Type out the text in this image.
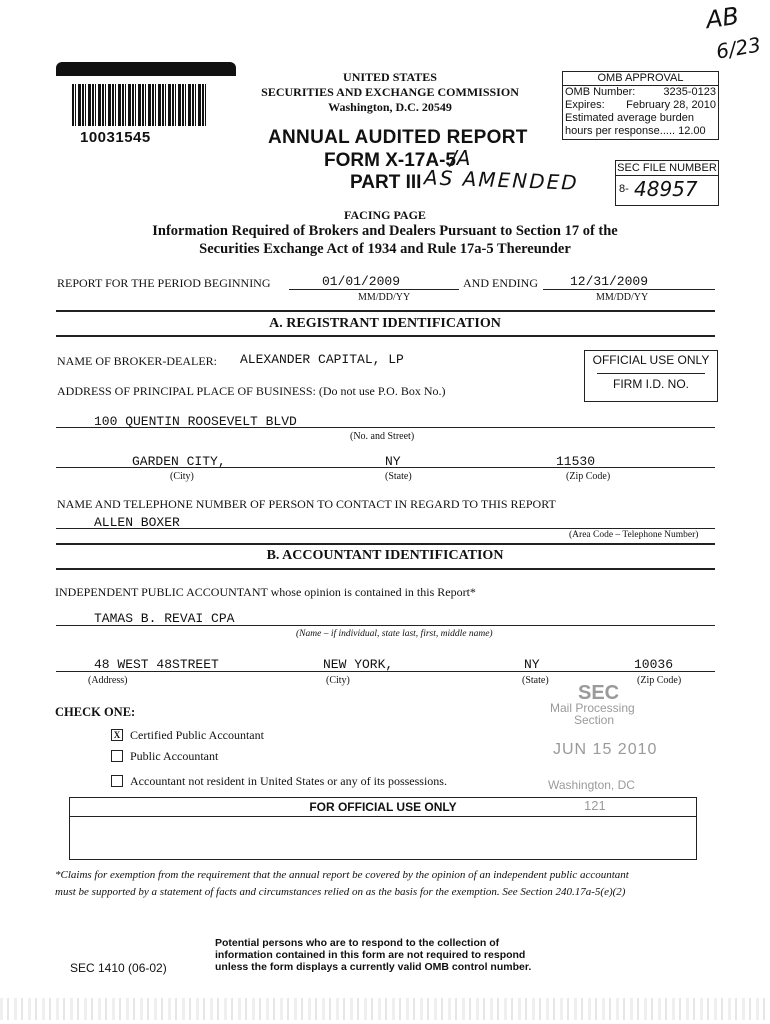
AB
6/23
10031545
UNITED STATES
SECURITIES AND EXCHANGE COMMISSION
Washington, D.C. 20549
OMB APPROVAL
OMB Number:	3235-0123
Expires: February 28, 2010
Estimated average burden
hours per response..... 12.00
ANNUAL AUDITED REPORT
FORM X-17A-5
/A
PART III AS AMENDED	SEC FILE NUMBER
8- 48957
FACING PAGE
Information Required of Brokers and Dealers Pursuant to Section 17 of the
Securities Exchange Act of 1934 and Rule 17a-5 Thereunder
REPORT FOR THE PERIOD BEGINNING	01/01/2009
MM/DD/YY
AND ENDING 12/31/2009
MM/DD/YY
A. REGISTRANT IDENTIFICATION
NAME OF BROKER-DEALER: ALEXANDER CAPITAL, LP	OFFICIAL USE ONLY
FIRM I.D. NO.
ADDRESS OF PRINCIPAL PLACE OF BUSINESS: (Do not use P.O. Box No.)
100 QUENTIN ROOSEVELT BLVD
(No. and Street)
GARDEN CITY,
(City)
NY
(State)
11530
(Zip Code)
NAME AND TELEPHONE NUMBER OF PERSON TO CONTACT IN REGARD TO THIS REPORT
ALLEN BOXER
(Area Code – Telephone Number)
B. ACCOUNTANT IDENTIFICATION
INDEPENDENT PUBLIC ACCOUNTANT whose opinion is contained in this Report*
TAMAS B. REVAI CPA
(Name – if individual, state last, first, middle name)
48 WEST 48STREET
(Address)
NEW YORK,
(City)
NY
(State)
10036
(Zip Code)
CHECK ONE:
X Certified Public Accountant
Public Accountant
Accountant not resident in United States or any of its possessions.
SEC
Mail Processing
Section
JUN 15 2010
Washington, DC
121
FOR OFFICIAL USE ONLY
*Claims for exemption from the requirement that the annual report be covered by the opinion of an independent public accountant
must be supported by a statement of facts and circumstances relied on as the basis for the exemption. See Section 240.17a-5(e)(2)
SEC 1410 (06-02)
Potential persons who are to respond to the collection of
information contained in this form are not required to respond
unless the form displays a currently valid OMB control number.
